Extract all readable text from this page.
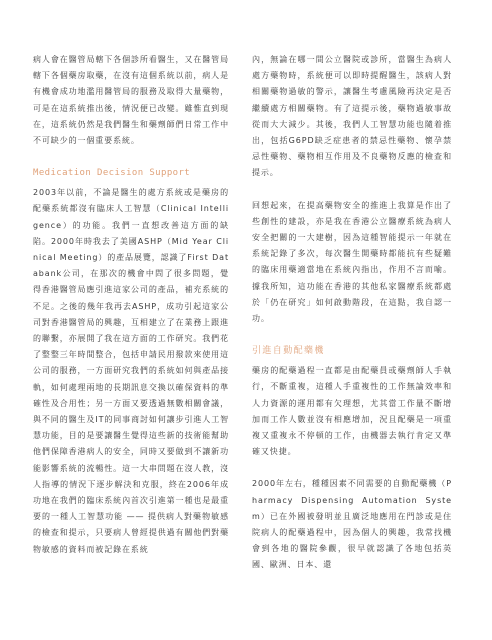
病人會在醫管局轄下各個診所看醫生，又在醫管局轄下各個藥房取藥，在沒有這個系統以前，病人是有機會成功地濫用醫管局的服務及取得大量藥物，可是在這系統推出後，情況便已改變。雖惟直到現在，這系統仍然是我們醫生和藥劑師們日常工作中不可缺少的一個重要系統。

Medication Decision Support

2003年以前，不論是醫生的處方系統或是藥房的配藥系統都沒有臨床人工智慧（Clinical Intelligence）的功能。我們一直想改善這方面的缺陷。2000年時我去了美國ASHP（Mid Year Clinical Meeting）的產品展覽，認識了First Databank公司，在那次的機會中問了很多問題，覺得香港醫管局應引進這家公司的產品，補充系統的不足。之後的幾年我再去ASHP，成功引起這家公司對香港醫管局的興趣，互相建立了在業務上跟進的聯繫，亦展開了我在這方面的工作研究。我們花了整整三年時間整合，包括申請民用撥款來使用這公司的服務，一方面研究我們的系統如何與產品接軌，如何處理兩地的長期訊息交換以確保資料的準確性及合用性；另一方面又要透過無數相關會議，與不同的醫生及IT的同事商討如何讓步引進人工智慧功能，目的是要讓醫生覺得這些新的技術能幫助他們保障香港病人的安全，同時又要做到不讓新功能影響系統的流暢性。這一大串問題在沒人教，沒人指導的情況下逐步解決和克服，終在2006年成功地在我們的臨床系統內首次引進第一種也是最重要的一種人工智慧功能 —— 提供病人對藥物敏感的檢查和提示，只要病人曾經提供過有關他們對藥物敏感的資料而被記錄在系統

內，無論在哪一間公立醫院或診所，當醫生為病人處方藥物時，系統便可以即時提醒醫生，該病人對相關藥物過敏的警示，讓醫生考慮風險再決定是否繼續處方相關藥物。有了這提示後，藥物過敏事故從而大大減少。其後，我們人工智慧功能也隨着推出，包括G6PD缺乏症患者的禁忌性藥物、懷孕禁忌性藥物、藥物相互作用及不良藥物反應的檢查和提示。

回想起來，在提高藥物安全的推進上我算是作出了些創性的建設，亦是我在香港公立醫療系統為病人安全把關的一大建樹，因為這種智能提示一年就在系統記錄了多次，每次醫生開藥時都能抗有些疑難的臨床用藥適當地在系統內指出，作用不言而喻。據我所知，這功能在香港的其他私家醫療系統都處於「仍在研究」如何啟動階段，在這點，我自認一功。

引進自動配藥機

藥房的配藥過程一直都是由配藥員或藥劑師人手執行，不斷重複，這種人手重複性的工作無論效率和人力資源的運用都有欠理想，尤其當工作量不斷增加而工作人數並沒有相應增加，況且配藥是一項重複又重複永不停頓的工作，由機器去執行肯定又準確又快捷。

2000年左右，種種因素不同需要的自動配藥機（Pharmacy Dispensing Automation System）已在外國被發明並且廣泛地應用在門診或是住院病人的配藥過程中，因為個人的興趣，我常找機會到各地的醫院參觀，很早就認識了各地包括英國、歐洲、日本、還
